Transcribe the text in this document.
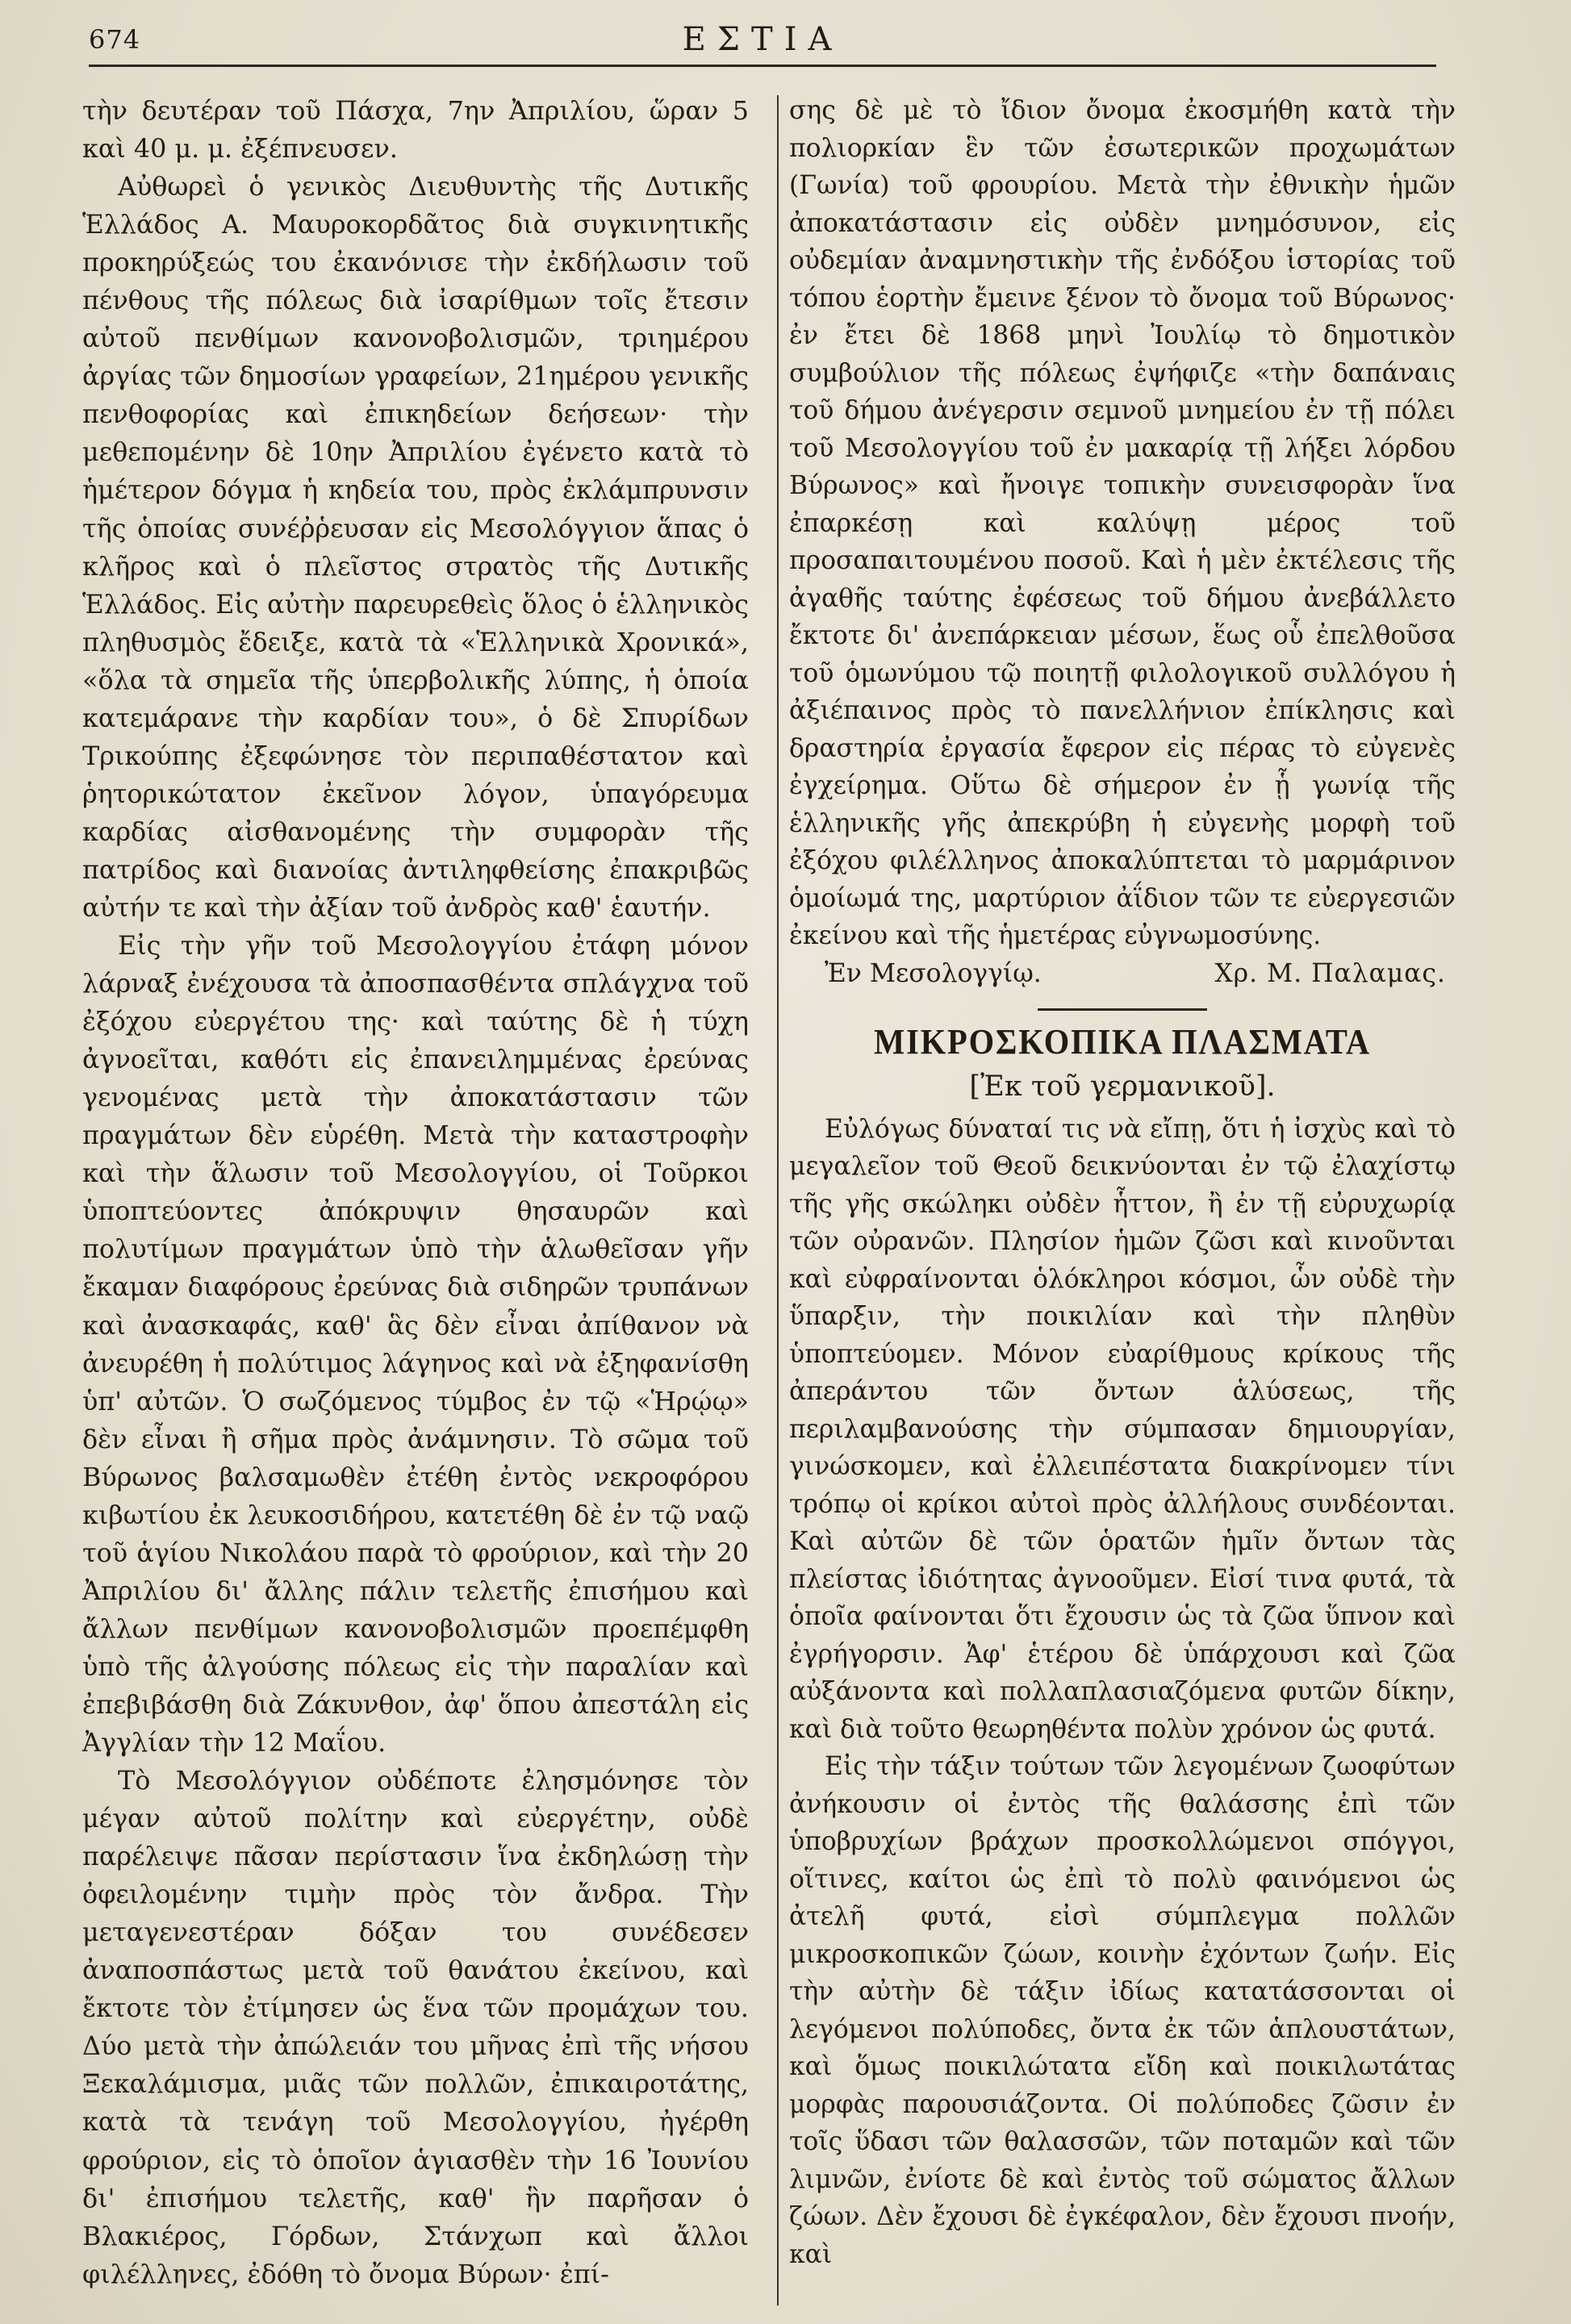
674	ΕΣΤΙΑ

τὴν δευτέραν τοῦ Πάσχα, 7ην Ἀπριλίου, ὥραν 5 καὶ 40 μ. μ. ἐξέπνευσεν.

Αὐθωρεὶ ὁ γενικὸς Διευθυντὴς τῆς Δυτικῆς Ἑλλάδος Α. Μαυροκορδᾶτος διὰ συγκινητικῆς προκηρύξεώς του ἐκανόνισε τὴν ἐκδήλωσιν τοῦ πένθους τῆς πόλεως διὰ ἰσαρίθμων τοῖς ἔτεσιν αὐτοῦ πενθίμων κανονοβολισμῶν, τριημέρου ἀργίας τῶν δημοσίων γραφείων, 21ημέρου γενικῆς πενθοφορίας καὶ ἐπικηδείων δεήσεων· τὴν μεθεπομένην δὲ 10ην Ἀπριλίου ἐγένετο κατὰ τὸ ἡμέτερον δόγμα ἡ κηδεία του, πρὸς ἐκλάμπρυνσιν τῆς ὁποίας συνέῤῥευσαν εἰς Μεσολόγγιον ἅπας ὁ κλῆρος καὶ ὁ πλεῖστος στρατὸς τῆς Δυτικῆς Ἑλλάδος. Εἰς αὐτὴν παρευρεθεὶς ὅλος ὁ ἑλληνικὸς πληθυσμὸς ἔδειξε, κατὰ τὰ «Ἑλληνικὰ Χρονικά», «ὅλα τὰ σημεῖα τῆς ὑπερβολικῆς λύπης, ἡ ὁποία κατεμάρανε τὴν καρδίαν του», ὁ δὲ Σπυρίδων Τρικούπης ἐξεφώνησε τὸν περιπαθέστατον καὶ ῥητορικώτατον ἐκεῖνον λόγον, ὑπαγόρευμα καρδίας αἰσθανομένης τὴν συμφορὰν τῆς πατρίδος καὶ διανοίας ἀντιληφθείσης ἐπακριβῶς αὐτήν τε καὶ τὴν ἀξίαν τοῦ ἀνδρὸς καθ' ἑαυτήν.

Εἰς τὴν γῆν τοῦ Μεσολογγίου ἐτάφη μόνον λάρναξ ἐνέχουσα τὰ ἀποσπασθέντα σπλάγχνα τοῦ ἐξόχου εὐεργέτου της· καὶ ταύτης δὲ ἡ τύχη ἀγνοεῖται, καθότι εἰς ἐπανειλημμένας ἐρεύνας γενομένας μετὰ τὴν ἀποκατάστασιν τῶν πραγμάτων δὲν εὑρέθη. Μετὰ τὴν καταστροφὴν καὶ τὴν ἅλωσιν τοῦ Μεσολογγίου, οἱ Τοῦρκοι ὑποπτεύοντες ἀπόκρυψιν θησαυρῶν καὶ πολυτίμων πραγμάτων ὑπὸ τὴν ἁλωθεῖσαν γῆν ἔκαμαν διαφόρους ἐρεύνας διὰ σιδηρῶν τρυπάνων καὶ ἀνασκαφάς, καθ' ἃς δὲν εἶναι ἀπίθανον νὰ ἀνευρέθη ἡ πολύτιμος λάγηνος καὶ νὰ ἐξηφανίσθη ὑπ' αὐτῶν. Ὁ σωζόμενος τύμβος ἐν τῷ «Ἡρῴῳ» δὲν εἶναι ἢ σῆμα πρὸς ἀνάμνησιν. Τὸ σῶμα τοῦ Βύρωνος βαλσαμωθὲν ἐτέθη ἐντὸς νεκροφόρου κιβωτίου ἐκ λευκοσιδήρου, κατετέθη δὲ ἐν τῷ ναῷ τοῦ ἁγίου Νικολάου παρὰ τὸ φρούριον, καὶ τὴν 20 Ἀπριλίου δι' ἄλλης πάλιν τελετῆς ἐπισήμου καὶ ἄλλων πενθίμων κανονοβολισμῶν προεπέμφθη ὑπὸ τῆς ἀλγούσης πόλεως εἰς τὴν παραλίαν καὶ ἐπεβιβάσθη διὰ Ζάκυνθον, ἀφ' ὅπου ἀπεστάλη εἰς Ἀγγλίαν τὴν 12 Μαΐου.

Τὸ Μεσολόγγιον οὐδέποτε ἐλησμόνησε τὸν μέγαν αὐτοῦ πολίτην καὶ εὐεργέτην, οὐδὲ παρέλειψε πᾶσαν περίστασιν ἵνα ἐκδηλώσῃ τὴν ὀφειλομένην τιμὴν πρὸς τὸν ἄνδρα. Τὴν μεταγενεστέραν δόξαν του συνέδεσεν ἀναποσπάστως μετὰ τοῦ θανάτου ἐκείνου, καὶ ἔκτοτε τὸν ἐτίμησεν ὡς ἕνα τῶν προμάχων του. Δύο μετὰ τὴν ἀπώλειάν του μῆνας ἐπὶ τῆς νήσου Ξεκαλάμισμα, μιᾶς τῶν πολλῶν, ἐπικαιροτάτης, κατὰ τὰ τενάγη τοῦ Μεσολογγίου, ἠγέρθη φρούριον, εἰς τὸ ὁποῖον ἁγιασθὲν τὴν 16 Ἰουνίου δι' ἐπισήμου τελετῆς, καθ' ἣν παρῆσαν ὁ Βλακιέρος, Γόρδων, Στάνχωπ καὶ ἄλλοι φιλέλληνες, ἐδόθη τὸ ὄνομα Βύρων· ἐπί-

σης δὲ μὲ τὸ ἴδιον ὄνομα ἐκοσμήθη κατὰ τὴν πολιορκίαν ἓν τῶν ἐσωτερικῶν προχωμάτων (Γωνία) τοῦ φρουρίου. Μετὰ τὴν ἐθνικὴν ἡμῶν ἀποκατάστασιν εἰς οὐδὲν μνημόσυνον, εἰς οὐδεμίαν ἀναμνηστικὴν τῆς ἐνδόξου ἱστορίας τοῦ τόπου ἑορτὴν ἔμεινε ξένον τὸ ὄνομα τοῦ Βύρωνος· ἐν ἔτει δὲ 1868 μηνὶ Ἰουλίῳ τὸ δημοτικὸν συμβούλιον τῆς πόλεως ἐψήφιζε «τὴν δαπάναις τοῦ δήμου ἀνέγερσιν σεμνοῦ μνημείου ἐν τῇ πόλει τοῦ Μεσολογγίου τοῦ ἐν μακαρίᾳ τῇ λήξει λόρδου Βύρωνος» καὶ ἤνοιγε τοπικὴν συνεισφορὰν ἵνα ἐπαρκέσῃ καὶ καλύψῃ μέρος τοῦ προσαπαιτουμένου ποσοῦ. Καὶ ἡ μὲν ἐκτέλεσις τῆς ἀγαθῆς ταύτης ἐφέσεως τοῦ δήμου ἀνεβάλλετο ἔκτοτε δι' ἀνεπάρκειαν μέσων, ἕως οὗ ἐπελθοῦσα τοῦ ὁμωνύμου τῷ ποιητῇ φιλολογικοῦ συλλόγου ἡ ἀξιέπαινος πρὸς τὸ πανελλήνιον ἐπίκλησις καὶ δραστηρία ἐργασία ἔφερον εἰς πέρας τὸ εὐγενὲς ἐγχείρημα. Οὕτω δὲ σήμερον ἐν ᾗ γωνίᾳ τῆς ἑλληνικῆς γῆς ἀπεκρύβη ἡ εὐγενὴς μορφὴ τοῦ ἐξόχου φιλέλληνος ἀποκαλύπτεται τὸ μαρμάρινον ὁμοίωμά της, μαρτύριον ἀΐδιον τῶν τε εὐεργεσιῶν ἐκείνου καὶ τῆς ἡμετέρας εὐγνωμοσύνης.

Ἐν Μεσολογγίῳ.	Χρ. Μ. Παλαμας.
ΜΙΚΡΟΣΚΟΠΙΚΑ ΠΛΑΣΜΑΤΑ
[Ἐκ τοῦ γερμανικοῦ].

Εὐλόγως δύναταί τις νὰ εἴπῃ, ὅτι ἡ ἰσχὺς καὶ τὸ μεγαλεῖον τοῦ Θεοῦ δεικνύονται ἐν τῷ ἐλαχίστῳ τῆς γῆς σκώληκι οὐδὲν ἧττον, ἢ ἐν τῇ εὐρυχωρίᾳ τῶν οὐρανῶν. Πλησίον ἡμῶν ζῶσι καὶ κινοῦνται καὶ εὐφραίνονται ὁλόκληροι κόσμοι, ὧν οὐδὲ τὴν ὕπαρξιν, τὴν ποικιλίαν καὶ τὴν πληθὺν ὑποπτεύομεν. Μόνον εὐαρίθμους κρίκους τῆς ἀπεράντου τῶν ὄντων ἁλύσεως, τῆς περιλαμβανούσης τὴν σύμπασαν δημιουργίαν, γινώσκομεν, καὶ ἐλλειπέστατα διακρίνομεν τίνι τρόπῳ οἱ κρίκοι αὐτοὶ πρὸς ἀλλήλους συνδέονται. Καὶ αὐτῶν δὲ τῶν ὁρατῶν ἡμῖν ὄντων τὰς πλείστας ἰδιότητας ἀγνοοῦμεν. Εἰσί τινα φυτά, τὰ ὁποῖα φαίνονται ὅτι ἔχουσιν ὡς τὰ ζῶα ὕπνον καὶ ἐγρήγορσιν. Ἀφ' ἑτέρου δὲ ὑπάρχουσι καὶ ζῶα αὐξάνοντα καὶ πολλαπλασιαζόμενα φυτῶν δίκην, καὶ διὰ τοῦτο θεωρηθέντα πολὺν χρόνον ὡς φυτά.

Εἰς τὴν τάξιν τούτων τῶν λεγομένων ζωοφύτων ἀνήκουσιν οἱ ἐντὸς τῆς θαλάσσης ἐπὶ τῶν ὑποβρυχίων βράχων προσκολλώμενοι σπόγγοι, οἵτινες, καίτοι ὡς ἐπὶ τὸ πολὺ φαινόμενοι ὡς ἀτελῆ φυτά, εἰσὶ σύμπλεγμα πολλῶν μικροσκοπικῶν ζώων, κοινὴν ἐχόντων ζωήν. Εἰς τὴν αὐτὴν δὲ τάξιν ἰδίως κατατάσσονται οἱ λεγόμενοι πολύποδες, ὄντα ἐκ τῶν ἁπλουστάτων, καὶ ὅμως ποικιλώτατα εἴδη καὶ ποικιλωτάτας μορφὰς παρουσιάζοντα. Οἱ πολύποδες ζῶσιν ἐν τοῖς ὕδασι τῶν θαλασσῶν, τῶν ποταμῶν καὶ τῶν λιμνῶν, ἐνίοτε δὲ καὶ ἐντὸς τοῦ σώματος ἄλλων ζώων. Δὲν ἔχουσι δὲ ἐγκέφαλον, δὲν ἔχουσι πνοήν, καὶ
